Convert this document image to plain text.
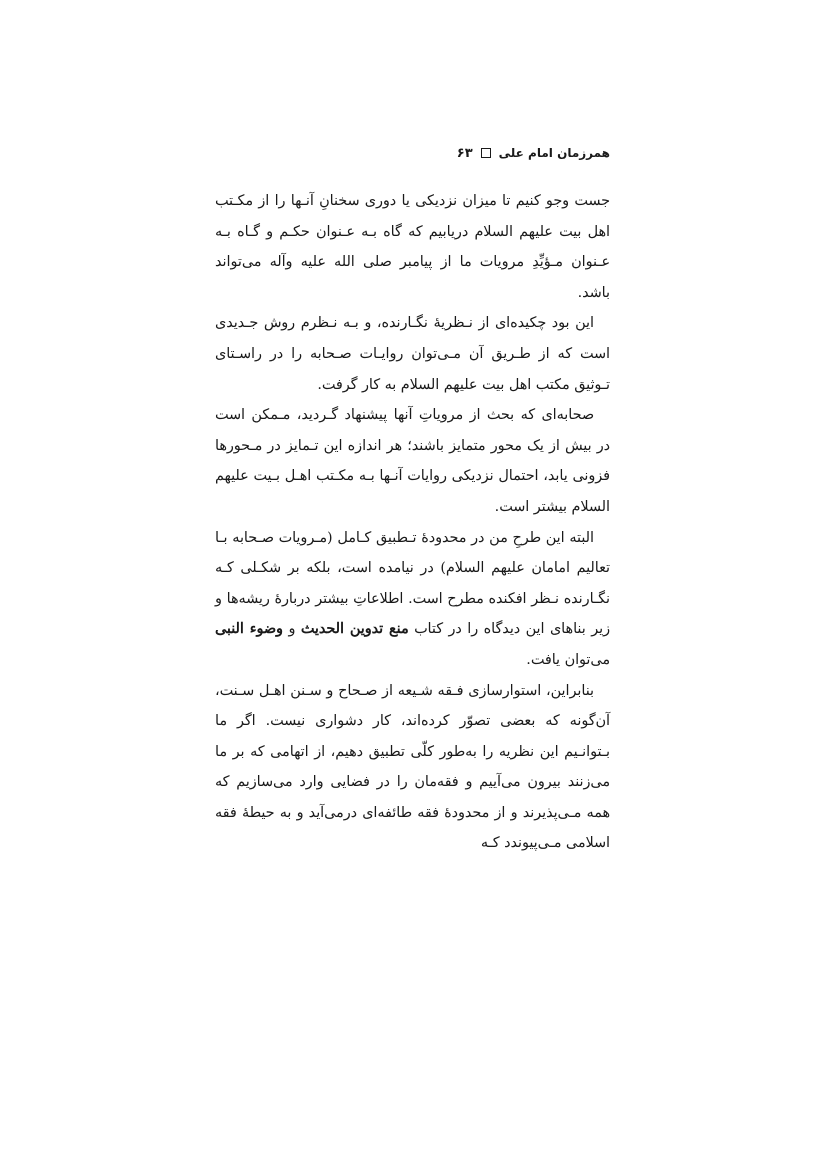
همرزمان امام علی
۶۳

جست وجو کنیم تا میزان نزدیکی یا دوری سخنانِ آنـها را از مکـتب اهل بیت عليهم السلام دریابیم که گاه بـه عـنوان حکـم و گـاه بـه عـنوان مـؤیِّدِ مرویات ما از پیامبر صلى الله عليه وآله می‌تواند باشد.

این بود چکیده‌ای از نـظریهٔ نگـارنده، و بـه نـظرم روش جـدیدی است که از طـریق آن مـی‌توان روایـات صـحابه را در راسـتای تـوثیق مکتب اهل بیت عليهم السلام به کار گرفت.

صحابه‌ای که بحث از مرویاتِ آنها پیشنهاد گـردید، مـمکن است در بیش از یک محور متمایز باشند؛ هر اندازه این تـمایز در مـحورها فزونی یابد، احتمال نزدیکی روایات آنـها بـه مکـتب اهـل بـیت عليهم السلام بیشتر است.

البته این طرحِ من در محدودهٔ تـطبیق کـامل (مـرویات صـحابه بـا تعالیم امامان عليهم السلام) در نیامده است، بلکه بر شکـلی کـه نگـارنده نـظر افکنده مطرح است. اطلاعاتِ بیشتر دربارهٔ ریشه‌ها و زیر بناهای این دیدگاه را در کتاب منع تدوین الحدیث و وضوء النبی می‌توان یافت.

بنابراین، استوارسازی فـقه شـیعه از صـحاح و سـنن اهـل سـنت، آن‌گونه که بعضی تصوّر کرده‌اند، کار دشواری نیست. اگر ما بـتوانـیم این نظریه را به‌طور کلّی تطبیق دهیم، از اتهامی که بر ما می‌زنند بیرون می‌آییم و فقه‌مان را در فضایی وارد می‌سازیم که همه مـی‌پذیرند و از محدودهٔ فقه طائفه‌ای درمی‌آید و به حیطهٔ فقه اسلامی مـی‌پیوندد کـه
